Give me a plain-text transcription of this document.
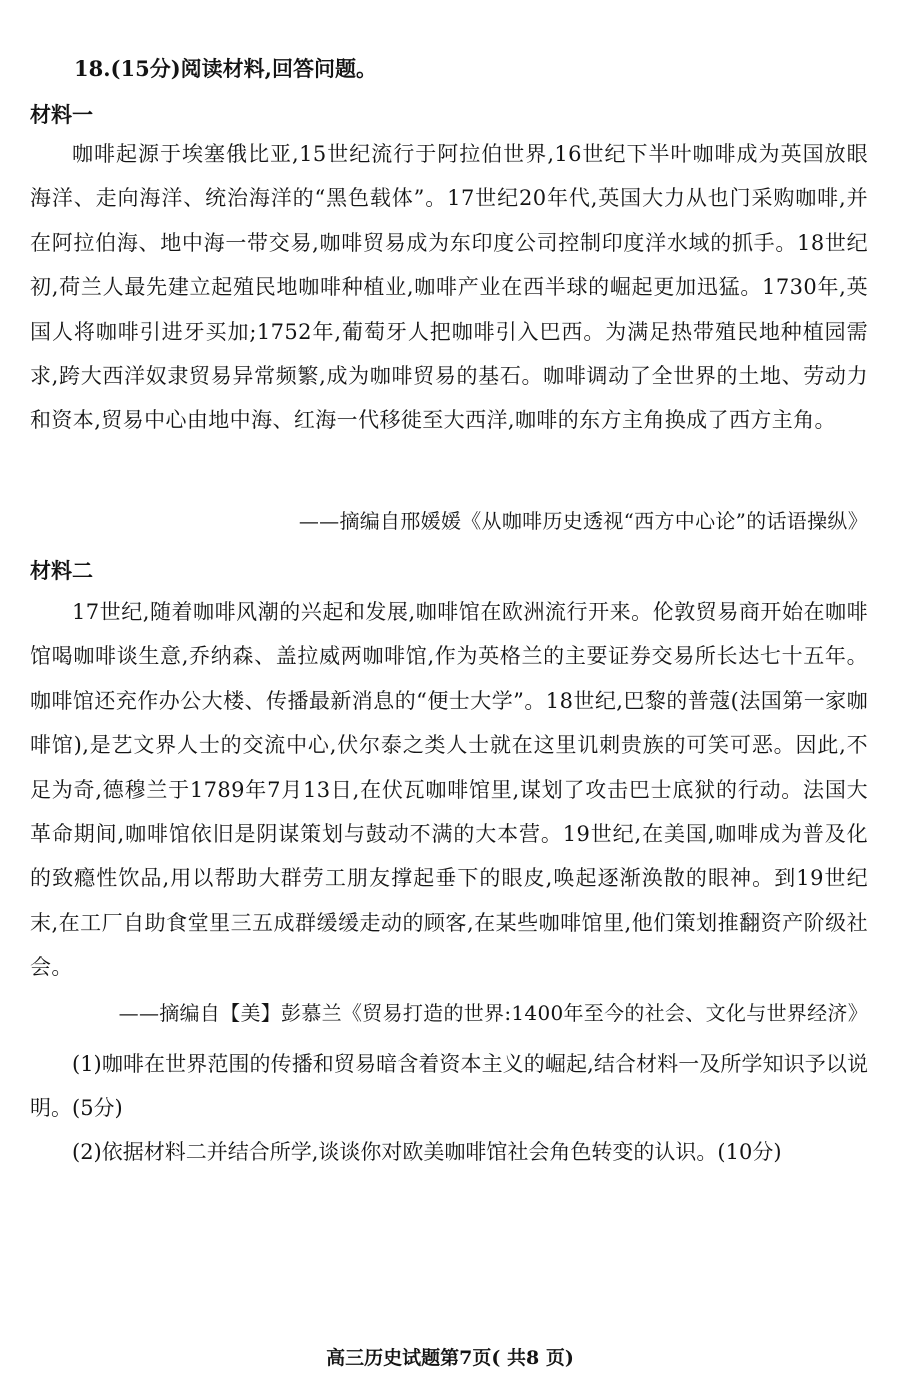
18.(15分)阅读材料,回答问题。
材料一

咖啡起源于埃塞俄比亚,15世纪流行于阿拉伯世界,16世纪下半叶咖啡成为英国放眼海洋、走向海洋、统治海洋的“黑色载体”。17世纪20年代,英国大力从也门采购咖啡,并在阿拉伯海、地中海一带交易,咖啡贸易成为东印度公司控制印度洋水域的抓手。18世纪初,荷兰人最先建立起殖民地咖啡种植业,咖啡产业在西半球的崛起更加迅猛。1730年,英国人将咖啡引进牙买加;1752年,葡萄牙人把咖啡引入巴西。为满足热带殖民地种植园需求,跨大西洋奴隶贸易异常频繁,成为咖啡贸易的基石。咖啡调动了全世界的土地、劳动力和资本,贸易中心由地中海、红海一代移徙至大西洋,咖啡的东方主角换成了西方主角。

——摘编自邢媛媛《从咖啡历史透视“西方中心论”的话语操纵》
材料二

17世纪,随着咖啡风潮的兴起和发展,咖啡馆在欧洲流行开来。伦敦贸易商开始在咖啡馆喝咖啡谈生意,乔纳森、盖拉威两咖啡馆,作为英格兰的主要证券交易所长达七十五年。咖啡馆还充作办公大楼、传播最新消息的“便士大学”。18世纪,巴黎的普蔻(法国第一家咖啡馆),是艺文界人士的交流中心,伏尔泰之类人士就在这里讥刺贵族的可笑可恶。因此,不足为奇,德穆兰于1789年7月13日,在伏瓦咖啡馆里,谋划了攻击巴士底狱的行动。法国大革命期间,咖啡馆依旧是阴谋策划与鼓动不满的大本营。19世纪,在美国,咖啡成为普及化的致瘾性饮品,用以帮助大群劳工朋友撑起垂下的眼皮,唤起逐渐涣散的眼神。到19世纪末,在工厂自助食堂里三五成群缓缓走动的顾客,在某些咖啡馆里,他们策划推翻资产阶级社会。

——摘编自【美】彭慕兰《贸易打造的世界:1400年至今的社会、文化与世界经济》

(1)咖啡在世界范围的传播和贸易暗含着资本主义的崛起,结合材料一及所学知识予以说明。(5分)

(2)依据材料二并结合所学,谈谈你对欧美咖啡馆社会角色转变的认识。(10分)

高三历史试题第7页( 共8 页)
